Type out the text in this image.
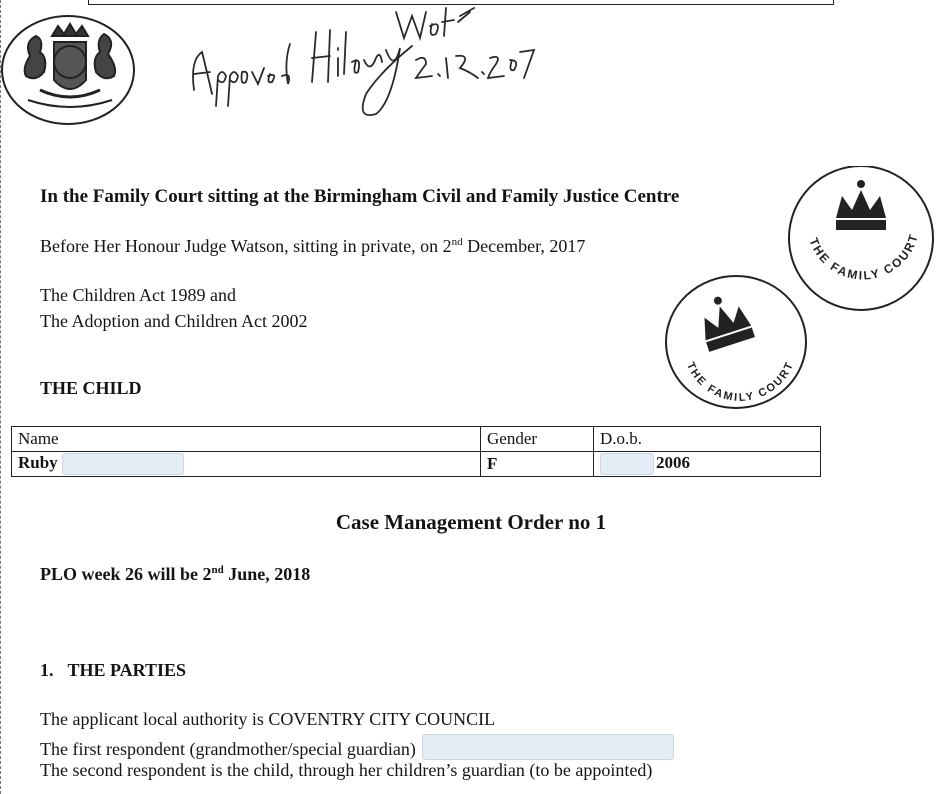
In the Family Court sitting at the Birmingham Civil and Family Justice Centre
Before Her Honour Judge Watson, sitting in private, on 2nd December, 2017
The Children Act 1989 and
The Adoption and Children Act 2002
THE FAMILY COURT
THE FAMILY COURT
THE CHILD
Name	Gender	D.o.b.
Ruby	F	2006
Case Management Order no 1
PLO week 26 will be 2nd June, 2018
1. THE PARTIES
The applicant local authority is COVENTRY CITY COUNCIL
The first respondent (grandmother/special guardian)
The second respondent is the child, through her children’s guardian (to be appointed)
